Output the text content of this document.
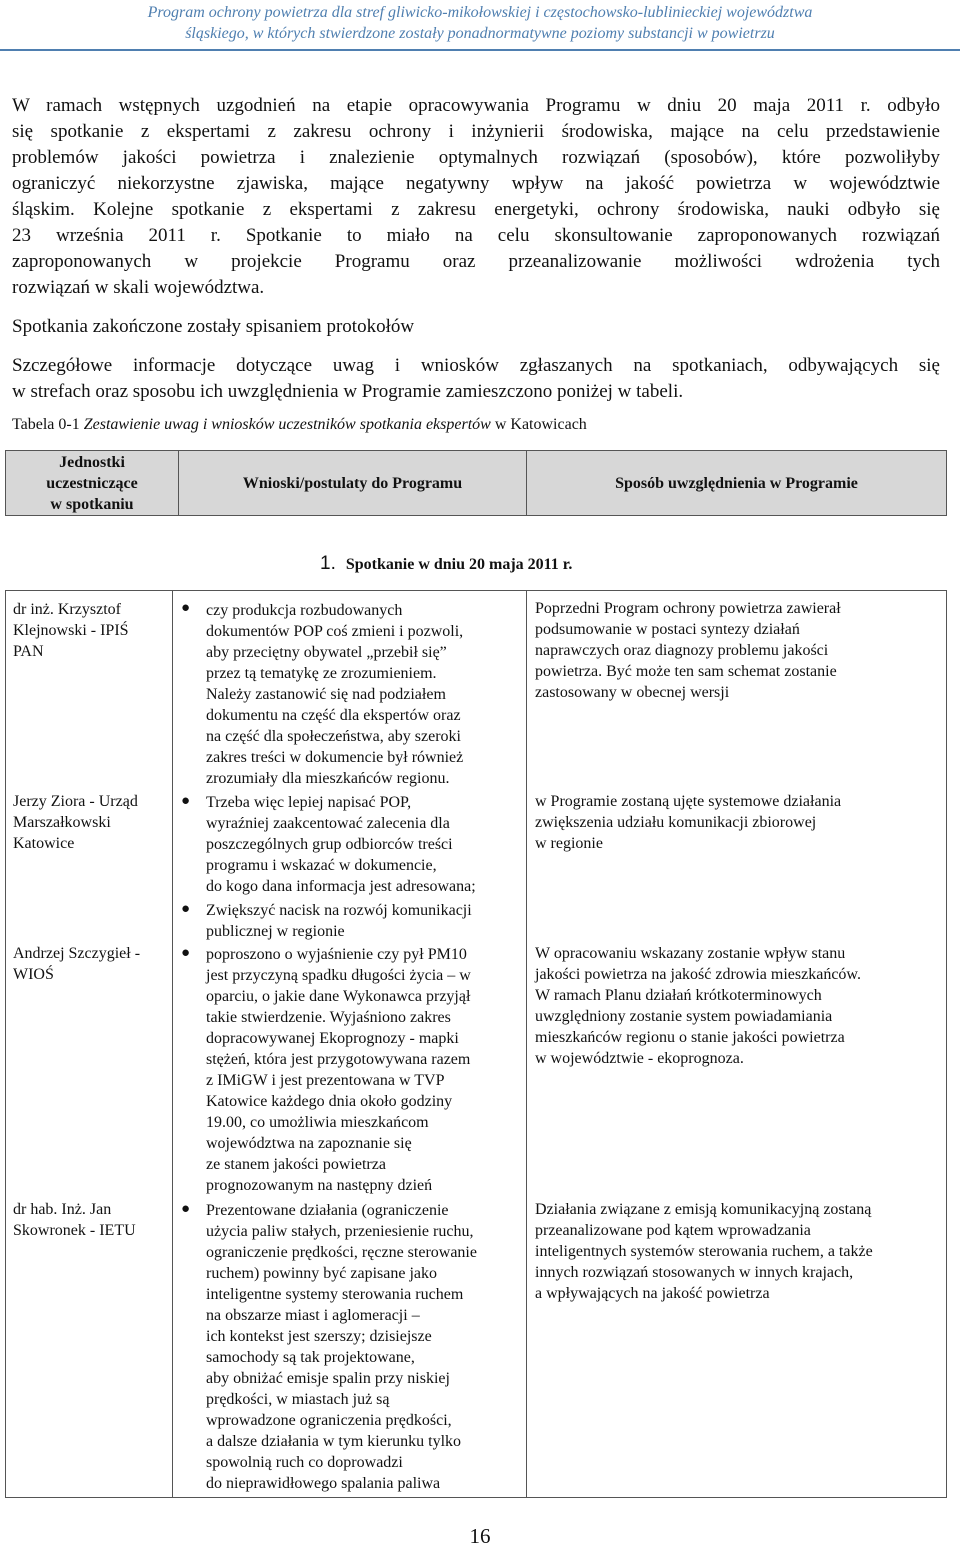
Program ochrony powietrza dla stref gliwicko-mikołowskiej i częstochowsko-lublinieckiej województwa
śląskiego, w których stwierdzone zostały ponadnormatywne poziomy substancji w powietrzu
W ramach wstępnych uzgodnień na etapie opracowywania Programu w dniu 20 maja 2011 r. odbyło
się spotkanie z ekspertami z zakresu ochrony i inżynierii środowiska, mające na celu przedstawienie
problemów jakości powietrza i znalezienie optymalnych rozwiązań (sposobów), które pozwoliłyby
ograniczyć niekorzystne zjawiska, mające negatywny wpływ na jakość powietrza w województwie
śląskim. Kolejne spotkanie z ekspertami z zakresu energetyki, ochrony środowiska, nauki odbyło się
23 września 2011 r. Spotkanie to miało na celu skonsultowanie zaproponowanych rozwiązań
zaproponowanych w projekcie Programu oraz przeanalizowanie możliwości wdrożenia tych
rozwiązań w skali województwa.
Spotkania zakończone zostały spisaniem protokołów
Szczegółowe informacje dotyczące uwag i wniosków zgłaszanych na spotkaniach, odbywających się
w strefach oraz sposobu ich uwzględnienia w Programie zamieszczono poniżej w tabeli.
Tabela 0-1 Zestawienie uwag i wniosków uczestników spotkania ekspertów w Katowicach
Jednostki
uczestniczące
w spotkaniu
Wnioski/postulaty do Programu	Sposób uwzględnienia w Programie
1. Spotkanie w dniu 20 maja 2011 r.
dr inż. Krzysztof
Klejnowski - IPIŚ
PAN
● czy produkcja rozbudowanych
dokumentów POP coś zmieni i pozwoli,
aby przeciętny obywatel „przebił się”
przez tą tematykę ze zrozumieniem.
Należy zastanowić się nad podziałem
dokumentu na część dla ekspertów oraz
na część dla społeczeństwa, aby szeroki
zakres treści w dokumencie był również
zrozumiały dla mieszkańców regionu.
Poprzedni Program ochrony powietrza zawierał
podsumowanie w postaci syntezy działań
naprawczych oraz diagnozy problemu jakości
powietrza. Być może ten sam schemat zostanie
zastosowany w obecnej wersji
Jerzy Ziora - Urząd
Marszałkowski
Katowice
● Trzeba więc lepiej napisać POP,
wyraźniej zaakcentować zalecenia dla
poszczególnych grup odbiorców treści
programu i wskazać w dokumencie,
do kogo dana informacja jest adresowana;
● Zwiększyć nacisk na rozwój komunikacji
publicznej w regionie
w Programie zostaną ujęte systemowe działania
zwiększenia udziału komunikacji zbiorowej
w regionie
Andrzej Szczygieł -
WIOŚ
● poproszono o wyjaśnienie czy pył PM10
jest przyczyną spadku długości życia – w
oparciu, o jakie dane Wykonawca przyjął
takie stwierdzenie. Wyjaśniono zakres
dopracowywanej Ekoprognozy - mapki
stężeń, która jest przygotowywana razem
z IMiGW i jest prezentowana w TVP
Katowice każdego dnia około godziny
19.00, co umożliwia mieszkańcom
województwa na zapoznanie się
ze stanem jakości powietrza
prognozowanym na następny dzień
W opracowaniu wskazany zostanie wpływ stanu
jakości powietrza na jakość zdrowia mieszkańców.
W ramach Planu działań krótkoterminowych
uwzględniony zostanie system powiadamiania
mieszkańców regionu o stanie jakości powietrza
w województwie - ekoprognoza.
dr hab. Inż. Jan
Skowronek - IETU
● Prezentowane działania (ograniczenie
użycia paliw stałych, przeniesienie ruchu,
ograniczenie prędkości, ręczne sterowanie
ruchem) powinny być zapisane jako
inteligentne systemy sterowania ruchem
na obszarze miast i aglomeracji –
ich kontekst jest szerszy; dzisiejsze
samochody są tak projektowane,
aby obniżać emisje spalin przy niskiej
prędkości, w miastach już są
wprowadzone ograniczenia prędkości,
a dalsze działania w tym kierunku tylko
spowolnią ruch co doprowadzi
do nieprawidłowego spalania paliwa
Działania związane z emisją komunikacyjną zostaną
przeanalizowane pod kątem wprowadzania
inteligentnych systemów sterowania ruchem, a także
innych rozwiązań stosowanych w innych krajach,
a wpływających na jakość powietrza
16
